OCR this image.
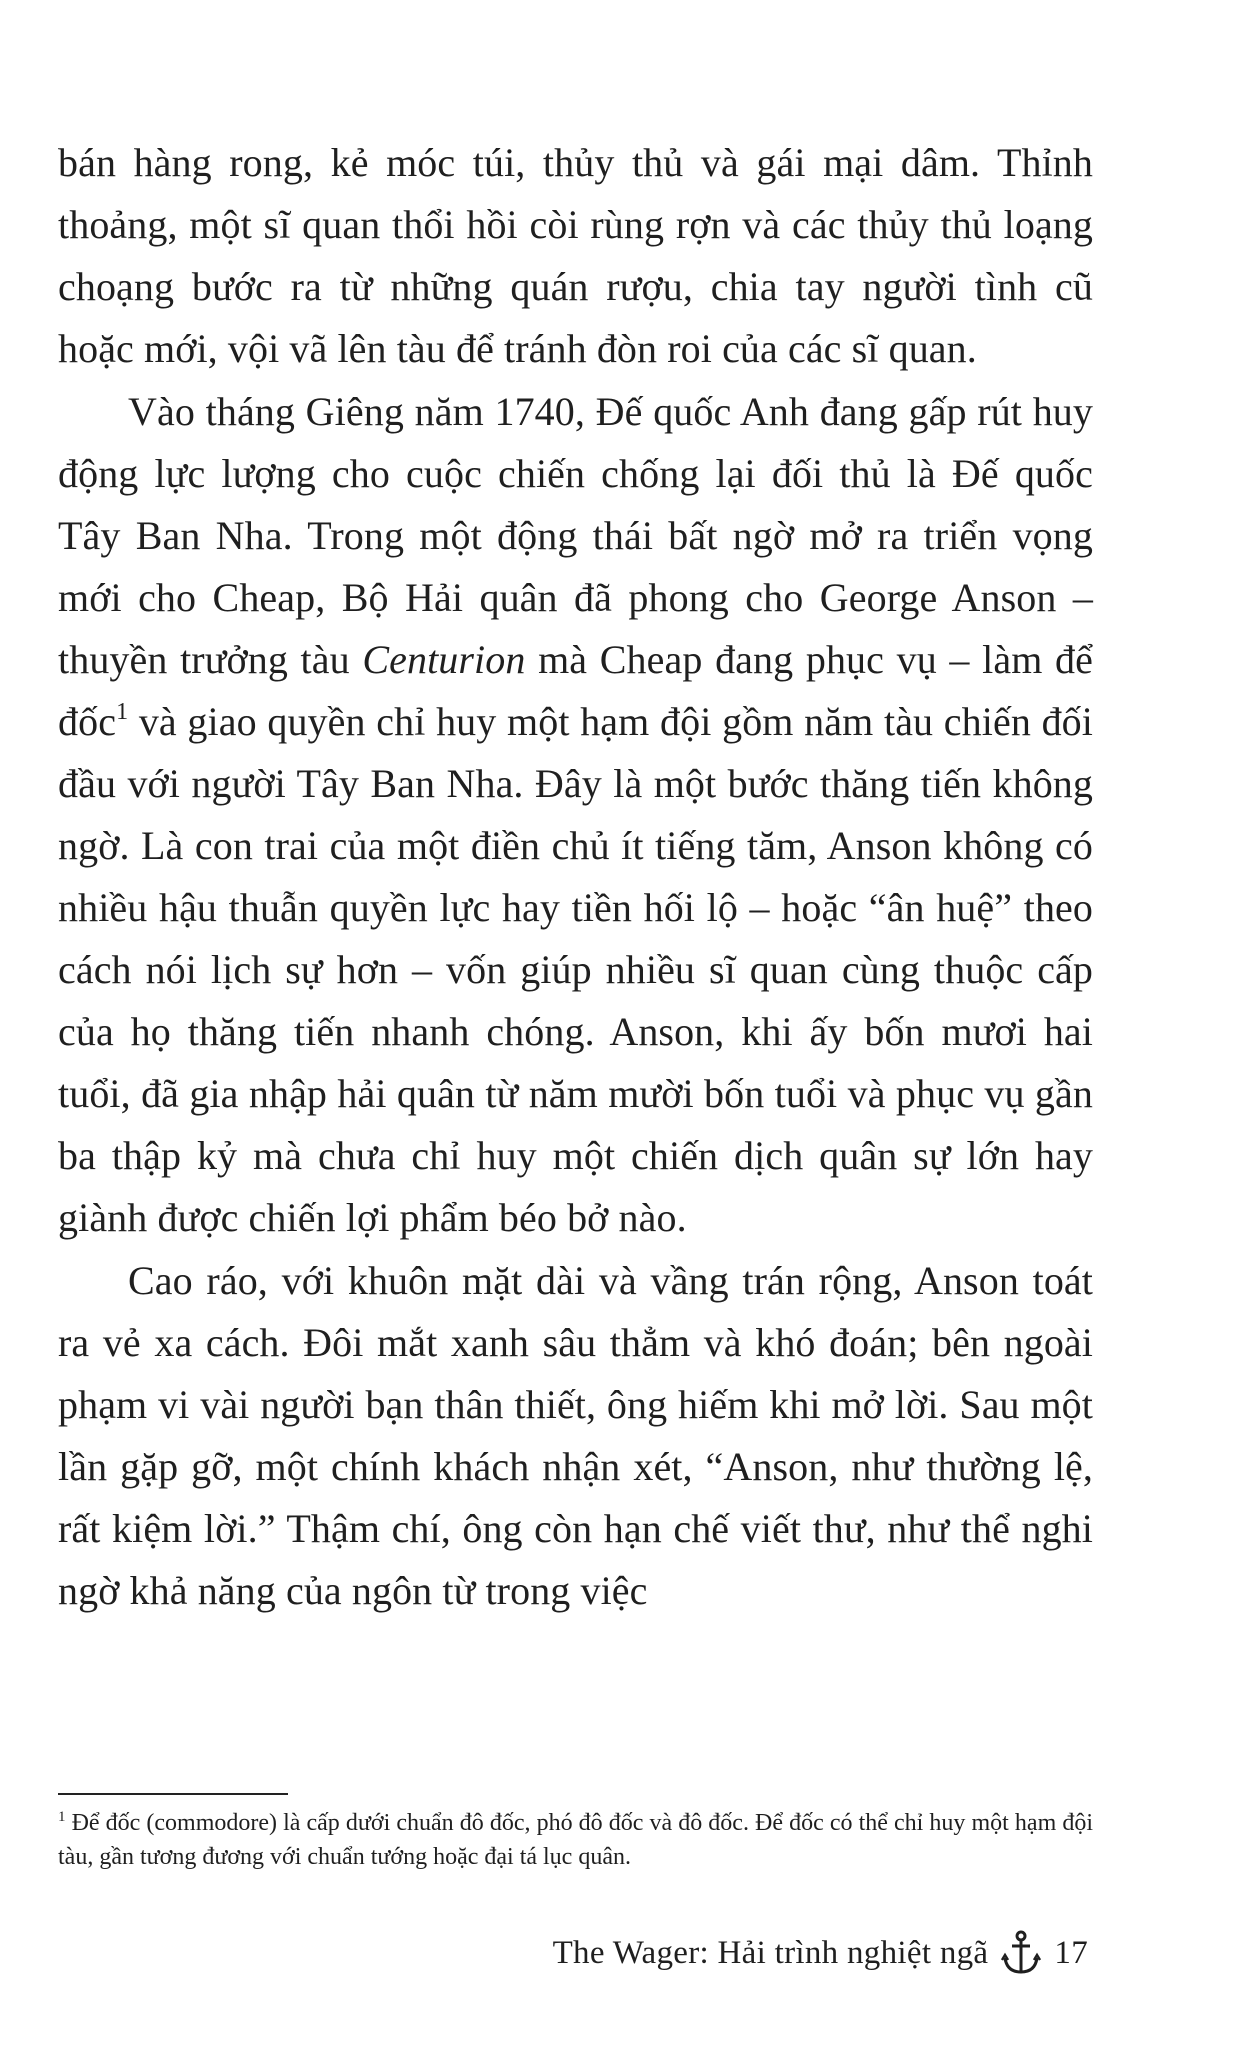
bán hàng rong, kẻ móc túi, thủy thủ và gái mại dâm. Thỉnh thoảng, một sĩ quan thổi hồi còi rùng rợn và các thủy thủ loạng choạng bước ra từ những quán rượu, chia tay người tình cũ hoặc mới, vội vã lên tàu để tránh đòn roi của các sĩ quan.

Vào tháng Giêng năm 1740, Đế quốc Anh đang gấp rút huy động lực lượng cho cuộc chiến chống lại đối thủ là Đế quốc Tây Ban Nha. Trong một động thái bất ngờ mở ra triển vọng mới cho Cheap, Bộ Hải quân đã phong cho George Anson – thuyền trưởng tàu Centurion mà Cheap đang phục vụ – làm để đốc$^1$ và giao quyền chỉ huy một hạm đội gồm năm tàu chiến đối đầu với người Tây Ban Nha. Đây là một bước thăng tiến không ngờ. Là con trai của một điền chủ ít tiếng tăm, Anson không có nhiều hậu thuẫn quyền lực hay tiền hối lộ – hoặc “ân huệ” theo cách nói lịch sự hơn – vốn giúp nhiều sĩ quan cùng thuộc cấp của họ thăng tiến nhanh chóng. Anson, khi ấy bốn mươi hai tuổi, đã gia nhập hải quân từ năm mười bốn tuổi và phục vụ gần ba thập kỷ mà chưa chỉ huy một chiến dịch quân sự lớn hay giành được chiến lợi phẩm béo bở nào.

Cao ráo, với khuôn mặt dài và vầng trán rộng, Anson toát ra vẻ xa cách. Đôi mắt xanh sâu thẳm và khó đoán; bên ngoài phạm vi vài người bạn thân thiết, ông hiếm khi mở lời. Sau một lần gặp gỡ, một chính khách nhận xét, “Anson, như thường lệ, rất kiệm lời.” Thậm chí, ông còn hạn chế viết thư, như thể nghi ngờ khả năng của ngôn từ trong việc

$^1$ Để đốc (commodore) là cấp dưới chuẩn đô đốc, phó đô đốc và đô đốc. Để đốc có thể chỉ huy một hạm đội tàu, gần tương đương với chuẩn tướng hoặc đại tá lục quân.
The Wager: Hải trình nghiệt ngã 17
